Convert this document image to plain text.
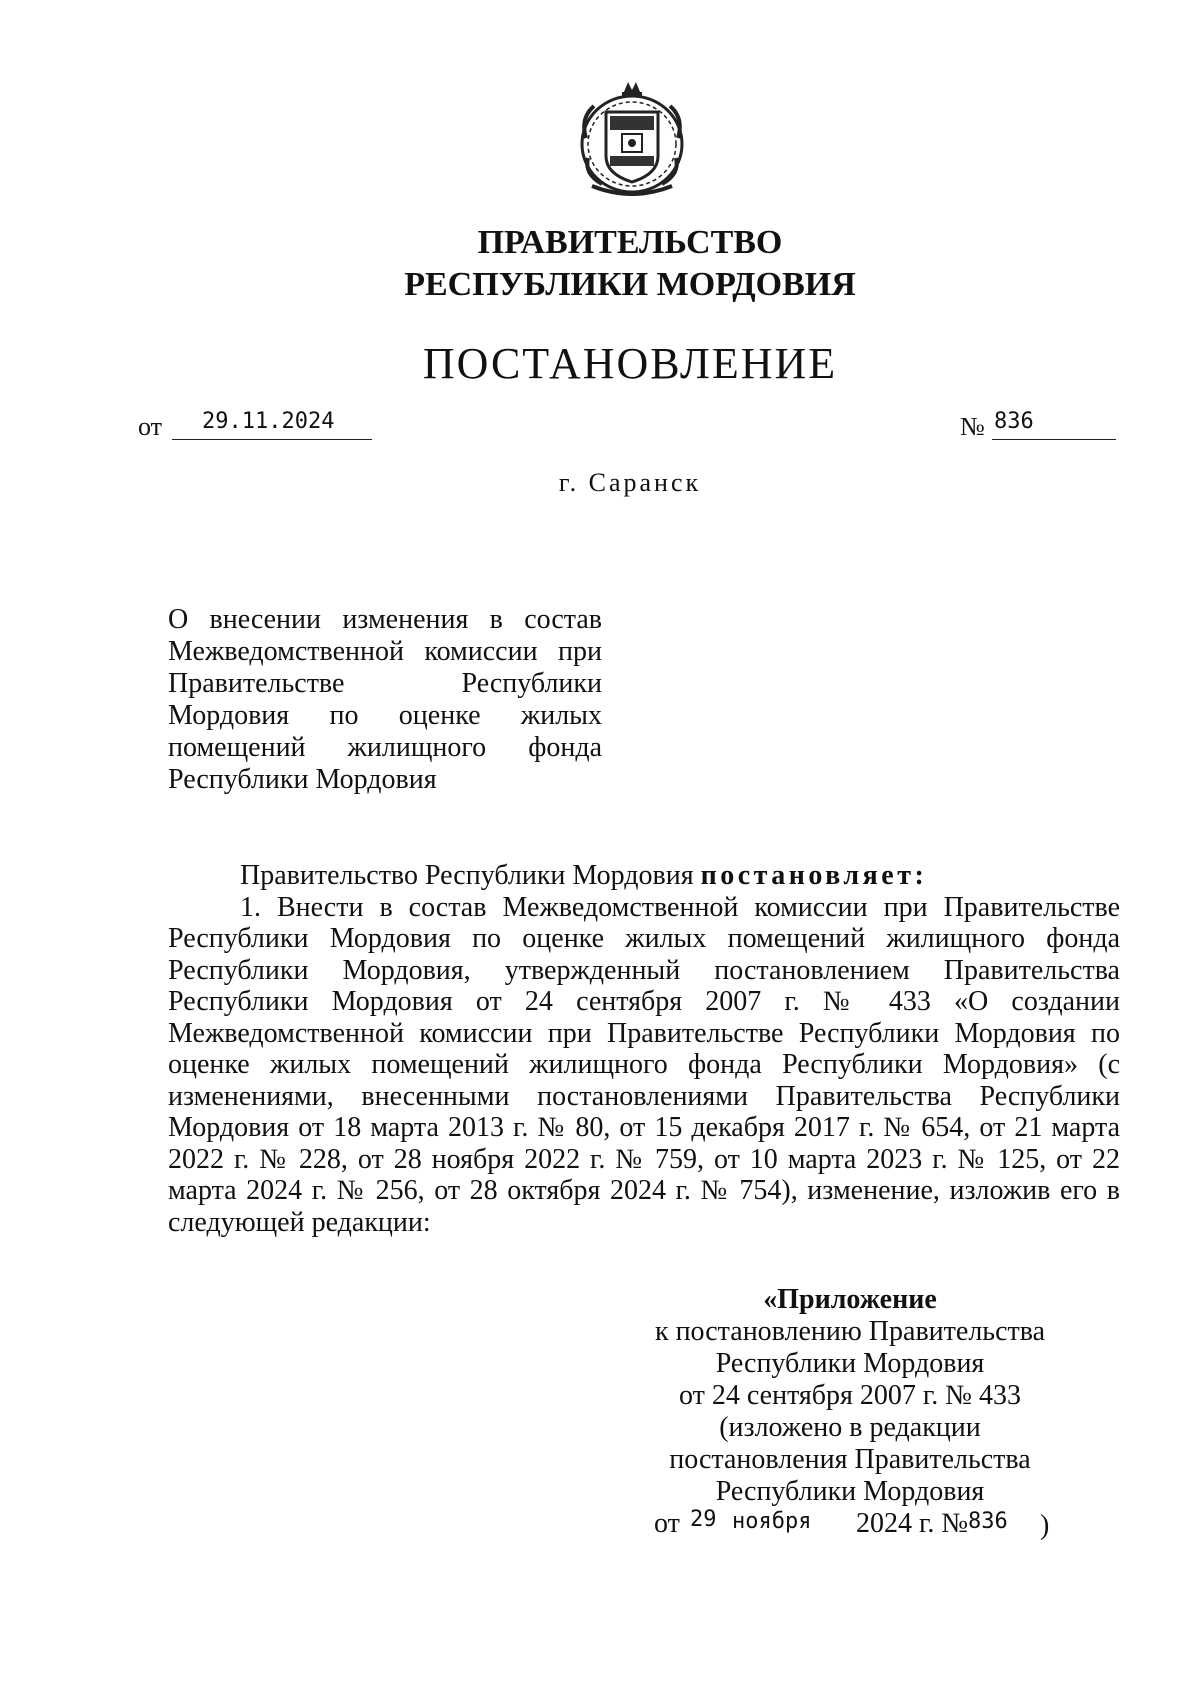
ПРАВИТЕЛЬСТВО
РЕСПУБЛИКИ МОРДОВИЯ
ПОСТАНОВЛЕНИЕ
от	29.11.2024	№ 836
г. Саранск
О внесении изменения в состав Межведомственной комиссии при Правительстве Республики Мордовия по оценке жилых помещений жилищного фонда Республики Мордовия

Правительство Республики Мордовия постановляет:

1. Внести в состав Межведомственной комиссии при Правительстве Республики Мордовия по оценке жилых помещений жилищного фонда Республики Мордовия, утвержденный постановлением Правительства Республики Мордовия от 24 сентября 2007 г. № 433 «О создании Межведомственной комиссии при Правительстве Республики Мордовия по оценке жилых помещений жилищного фонда Республики Мордовия» (с изменениями, внесенными постановлениями Правительства Республики Мордовия от 18 марта 2013 г. № 80, от 15 декабря 2017 г. № 654, от 21 марта 2022 г. № 228, от 28 ноября 2022 г. № 759, от 10 марта 2023 г. № 125, от 22 марта 2024 г. № 256, от 28 октября 2024 г. № 754), изменение, изложив его в следующей редакции:

«Приложение
к постановлению Правительства
Республики Мордовия
от 24 сентября 2007 г. № 433
(изложено в редакции
постановления Правительства
Республики Мордовия
от 29 ноября 2024 г. № 836 )
